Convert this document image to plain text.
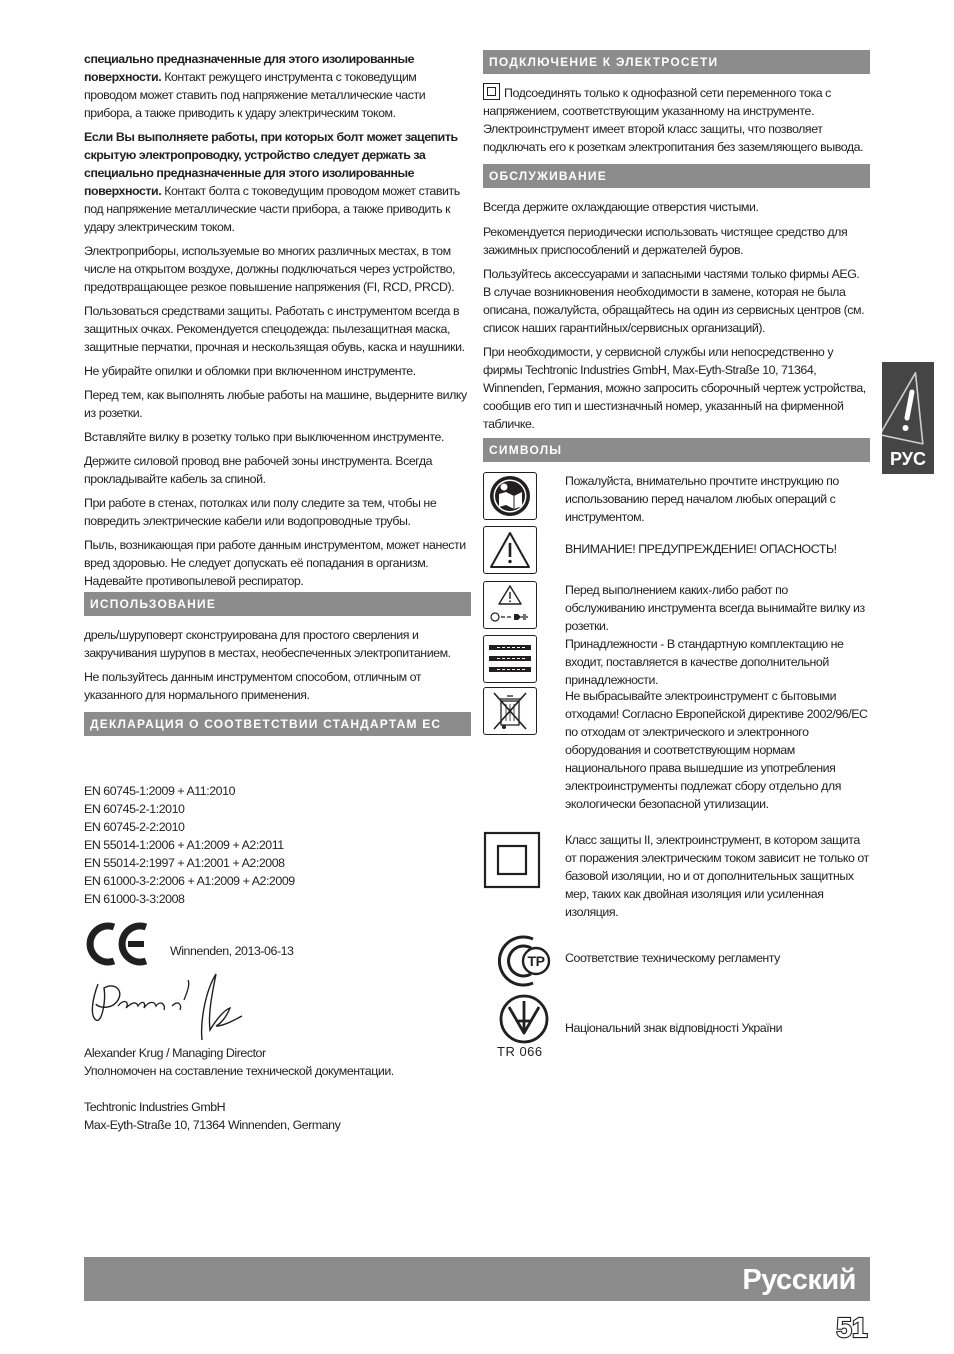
специально предназначенные для этого изолированные поверхности. Контакт режущего инструмента с токоведущим проводом может ставить под напряжение металлические части прибора, а также приводить к удару электрическим током.

Если Вы выполняете работы, при которых болт может зацепить скрытую электропроводку, устройство следует держать за специально предназначенные для этого изолированные поверхности. Контакт болта с токоведущим проводом может ставить под напряжение металлические части прибора, а также приводить к удару электрическим током.

Электроприборы, используемые во многих различных местах, в том числе на открытом воздухе, должны подключаться через устройство, предотвращающее резкое повышение напряжения (FI, RCD, PRCD).

Пользоваться средствами защиты. Работать с инструментом всегда в защитных очках. Рекомендуется спецодежда: пылезащитная маска, защитные перчатки, прочная и нескользящая обувь, каска и наушники.

Не убирайте опилки и обломки при включенном инструменте.

Перед тем, как выполнять любые работы на машине, выдерните вилку из розетки.

Вставляйте вилку в розетку только при выключенном инструменте.

Держите силовой провод вне рабочей зоны инструмента. Всегда прокладывайте кабель за спиной.

При работе в стенах, потолках или полу следите за тем, чтобы не повредить электрические кабели или водопроводные трубы.

Пыль, возникающая при работе данным инструментом, может нанести вред здоровью. Не следует допускать её попадания в организм. Надевайте противопылевой респиратор.

ИСПОЛЬЗОВАНИЕ

дрель/шуруповерт сконструирована для простого сверления и закручивания шурупов в местах, необеспеченных электропитанием.

Не пользуйтесь данным инструментом способом, отличным от указанного для нормального применения.

ДЕКЛАРАЦИЯ О СООТВЕТСТВИИ СТАНДАРТАМ ЕС
EN 60745-1:2009 + A11:2010
EN 60745-2-1:2010
EN 60745-2-2:2010
EN 55014-1:2006 + A1:2009 + A2:2011
EN 55014-2:1997 + A1:2001 + A2:2008
EN 61000-3-2:2006 + A1:2009 + A2:2009
EN 61000-3-3:2008
Winnenden, 2013-06-13
Alexander Krug / Managing Director
Уполномочен на составление технической документации.
Techtronic Industries GmbH
Max-Eyth-Straße 10, 71364 Winnenden, Germany
ПОДКЛЮЧЕНИЕ К ЭЛЕКТРОСЕТИ

Подсоединять только к однофазной сети переменного тока с напряжением, соответствующим указанному на инструменте. Электроинструмент имеет второй класс защиты, что позволяет подключать его к розеткам электропитания без заземляющего вывода.

ОБСЛУЖИВАНИЕ

Всегда держите охлаждающие отверстия чистыми.

Рекомендуется периодически использовать чистящее средство для зажимных приспособлений и держателей буров.

Пользуйтесь аксессуарами и запасными частями только фирмы AEG. В случае возникновения необходимости в замене, которая не была описана, пожалуйста, обращайтесь на один из сервисных центров (см. список наших гарантийных/сервисных организаций).

При необходимости, у сервисной службы или непосредственно у фирмы Techtronic Industries GmbH, Max-Eyth-Straße 10, 71364, Winnenden, Германия, можно запросить сборочный чертеж устройства, сообщив его тип и шестизначный номер, указанный на фирменной табличке.

СИМВОЛЫ
Пожалуйста, внимательно прочтите инструкцию по использованию перед началом любых операций с инструментом.
ВНИМАНИЕ! ПРЕДУПРЕЖДЕНИЕ! ОПАСНОСТЬ!
Перед выполнением каких-либо работ по обслуживанию инструмента всегда вынимайте вилку из розетки.
Принадлежности - В стандартную комплектацию не входит, поставляется в качестве дополнительной принадлежности.
Не выбрасывайте электроинструмент с бытовыми отходами! Согласно Европейской директиве 2002/96/ЕС по отходам от электрического и электронного оборудования и соответствующим нормам национального права вышедшие из употребления электроинструменты подлежат сбору отдельно для экологически безопасной утилизации.
Класс защиты II, электроинструмент, в котором защита от поражения электрическим током зависит не только от базовой изоляции, но и от дополнительных защитных мер, таких как двойная изоляция или усиленная изоляция.
ТР	Соответствие техническому регламенту
TR 066
Національний знак відповідності України
РУС
Русский
51
